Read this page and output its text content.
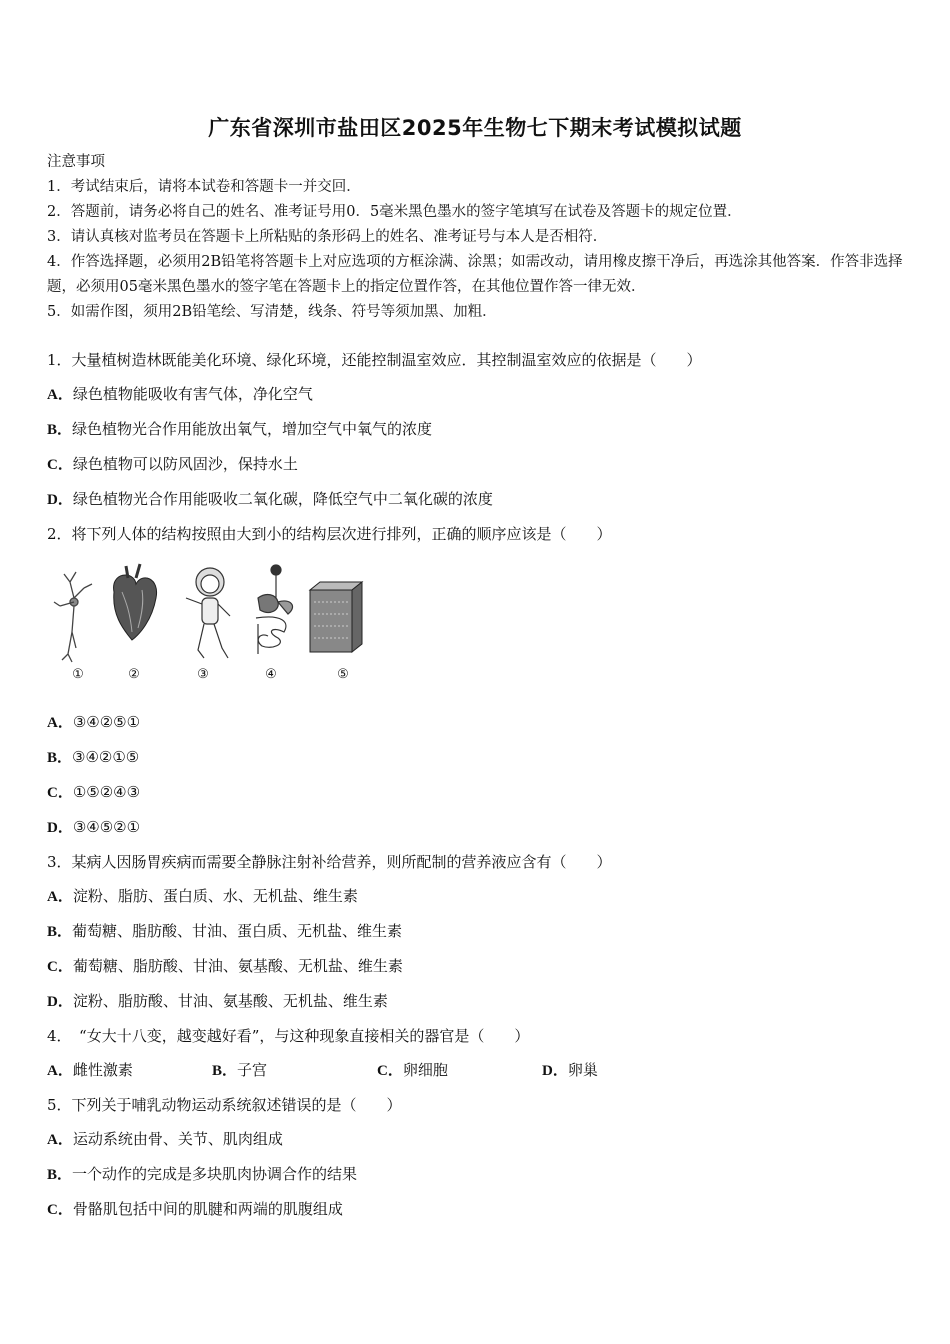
广东省深圳市盐田区2025年生物七下期末考试模拟试题
注意事项
1．考试结束后，请将本试卷和答题卡一并交回．
2．答题前，请务必将自己的姓名、准考证号用0．5毫米黑色墨水的签字笔填写在试卷及答题卡的规定位置．
3．请认真核对监考员在答题卡上所粘贴的条形码上的姓名、准考证号与本人是否相符．
4．作答选择题，必须用2B铅笔将答题卡上对应选项的方框涂满、涂黑；如需改动，请用橡皮擦干净后，再选涂其他答案．作答非选择题，必须用05毫米黑色墨水的签字笔在答题卡上的指定位置作答，在其他位置作答一律无效．
5．如需作图，须用2B铅笔绘、写清楚，线条、符号等须加黑、加粗．
1．大量植树造林既能美化环境、绿化环境，还能控制温室效应．其控制温室效应的依据是（　　）
A．绿色植物能吸收有害气体，净化空气
B．绿色植物光合作用能放出氧气，增加空气中氧气的浓度
C．绿色植物可以防风固沙，保持水土
D．绿色植物光合作用能吸收二氧化碳，降低空气中二氧化碳的浓度
2．将下列人体的结构按照由大到小的结构层次进行排列，正确的顺序应该是（　　）
①	②	③	④	⑤
A．③④②⑤①
B．③④②①⑤
C．①⑤②④③
D．③④⑤②①
3．某病人因肠胃疾病而需要全静脉注射补给营养，则所配制的营养液应含有（　　）
A．淀粉、脂肪、蛋白质、水、无机盐、维生素
B．葡萄糖、脂肪酸、甘油、蛋白质、无机盐、维生素
C．葡萄糖、脂肪酸、甘油、氨基酸、无机盐、维生素
D．淀粉、脂肪酸、甘油、氨基酸、无机盐、维生素
4．　“女大十八变，越变越好看”，与这种现象直接相关的器官是（　　）
A．雌性激素	B．子宫	C．卵细胞	D．卵巢
5．下列关于哺乳动物运动系统叙述错误的是（　　）
A．运动系统由骨、关节、肌肉组成
B．一个动作的完成是多块肌肉协调合作的结果
C．骨骼肌包括中间的肌腱和两端的肌腹组成
